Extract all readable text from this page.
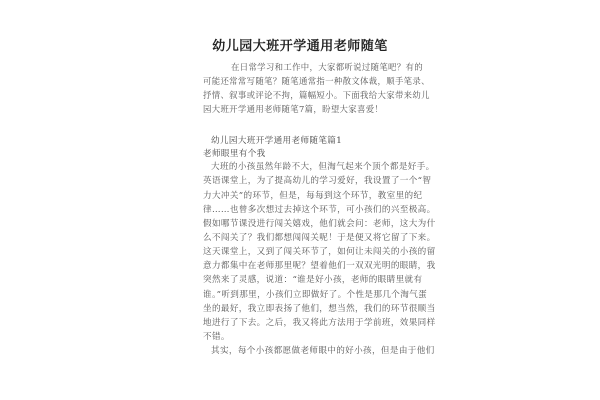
幼儿园大班开学通用老师随笔
在日常学习和工作中，大家都听说过随笔吧？有的
可能还常常写随笔？随笔通常指一种散文体裁，顺手笔录、
抒情、叙事或评论不拘，篇幅短小。下面我给大家带来幼儿
园大班开学通用老师随笔7篇，盼望大家喜爱！
幼儿园大班开学通用老师随笔篇1
老师眼里有个我
大班的小孩虽然年龄不大，但淘气起来个顶个都是好手。
英语课堂上，为了提高幼儿的学习爱好，我设置了一个“智
力大冲关”的环节，但是，每每到这个环节，教室里的纪
律……也曾多次想过去掉这个环节，可小孩们的兴至极高。
假如哪节课没进行闯关嬉戏，他们就会问：老师，这大为什
么不闯关了？我们都想闯闯关呢！于是便又将它留了下来。
这天课堂上，又到了闯关环节了，如何让未闯关的小孩的留
意力都集中在老师那里呢？望着他们一双双光明的眼睛，我
突然来了灵感，说道：“谁是好小孩，老师的眼睛里就有
谁。”听到那里，小孩们立即做好了。个性是那几个淘气蛋
坐的最好，我立即表扬了他们，想当然，我们的环节很顺当
地进行了下去。之后，我又将此方法用于学前班，效果同样
不错。
其实，每个小孩都愿做老师眼中的好小孩，但是由于他们
